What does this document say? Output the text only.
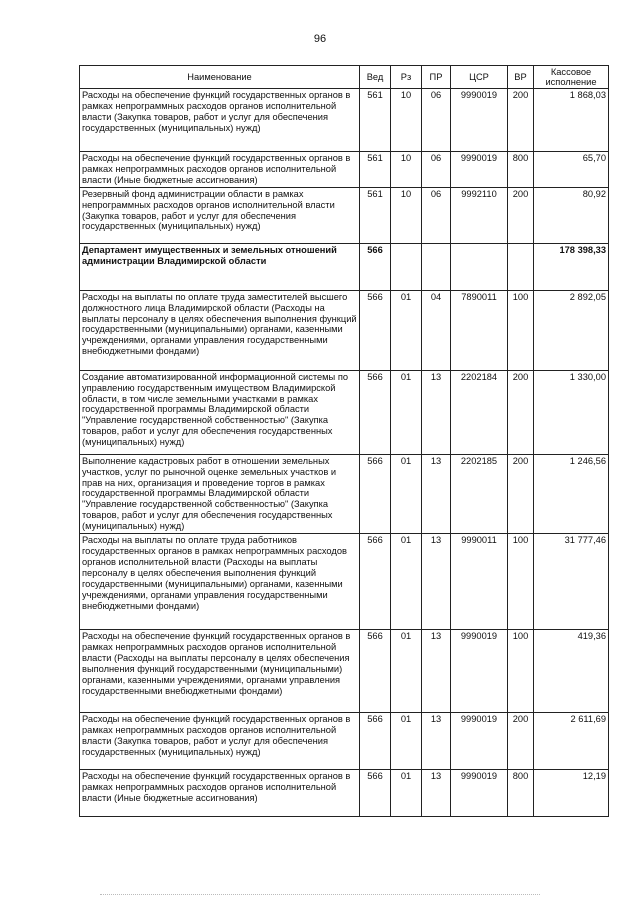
96
Наименование	Вед	Рз	ПР	ЦСР	ВР	Кассовое исполнение
Расходы на обеспечение функций государственных органов в рамках непрограммных расходов органов исполнительной власти (Закупка товаров, работ и услуг для обеспечения государственных (муниципальных) нужд)	561	10	06	9990019	200	1 868,03
Расходы на обеспечение функций государственных органов в рамках непрограммных расходов органов исполнительной власти (Иные бюджетные ассигнования)	561	10	06	9990019	800	65,70
Резервный фонд администрации области в рамках непрограммных расходов органов исполнительной власти (Закупка товаров, работ и услуг для обеспечения государственных (муниципальных) нужд)	561	10	06	9992110	200	80,92
Департамент имущественных и земельных отношений администрации Владимирской области	566					178 398,33
Расходы на выплаты по оплате труда заместителей высшего должностного лица Владимирской области (Расходы на выплаты персоналу в целях обеспечения выполнения функций государственными (муниципальными) органами, казенными учреждениями, органами управления государственными внебюджетными фондами)	566	01	04	7890011	100	2 892,05
Создание автоматизированной информационной системы по управлению государственным имуществом Владимирской области, в том числе земельными участками в рамках государственной программы Владимирской области "Управление государственной собственностью" (Закупка товаров, работ и услуг для обеспечения государственных (муниципальных) нужд)	566	01	13	2202184	200	1 330,00
Выполнение кадастровых работ в отношении земельных участков, услуг по рыночной оценке земельных участков и прав на них, организация и проведение торгов в рамках государственной программы Владимирской области "Управление государственной собственностью" (Закупка товаров, работ и услуг для обеспечения государственных (муниципальных) нужд)	566	01	13	2202185	200	1 246,56
Расходы на выплаты по оплате труда работников государственных органов в рамках непрограммных расходов органов исполнительной власти (Расходы на выплаты персоналу в целях обеспечения выполнения функций государственными (муниципальными) органами, казенными учреждениями, органами управления государственными внебюджетными фондами)	566	01	13	9990011	100	31 777,46
Расходы на обеспечение функций государственных органов в рамках непрограммных расходов органов исполнительной власти (Расходы на выплаты персоналу в целях обеспечения выполнения функций государственными (муниципальными) органами, казенными учреждениями, органами управления государственными внебюджетными фондами)	566	01	13	9990019	100	419,36
Расходы на обеспечение функций государственных органов в рамках непрограммных расходов органов исполнительной власти (Закупка товаров, работ и услуг для обеспечения государственных (муниципальных) нужд)	566	01	13	9990019	200	2 611,69
Расходы на обеспечение функций государственных органов в рамках непрограммных расходов органов исполнительной власти (Иные бюджетные ассигнования)	566	01	13	9990019	800	12,19
